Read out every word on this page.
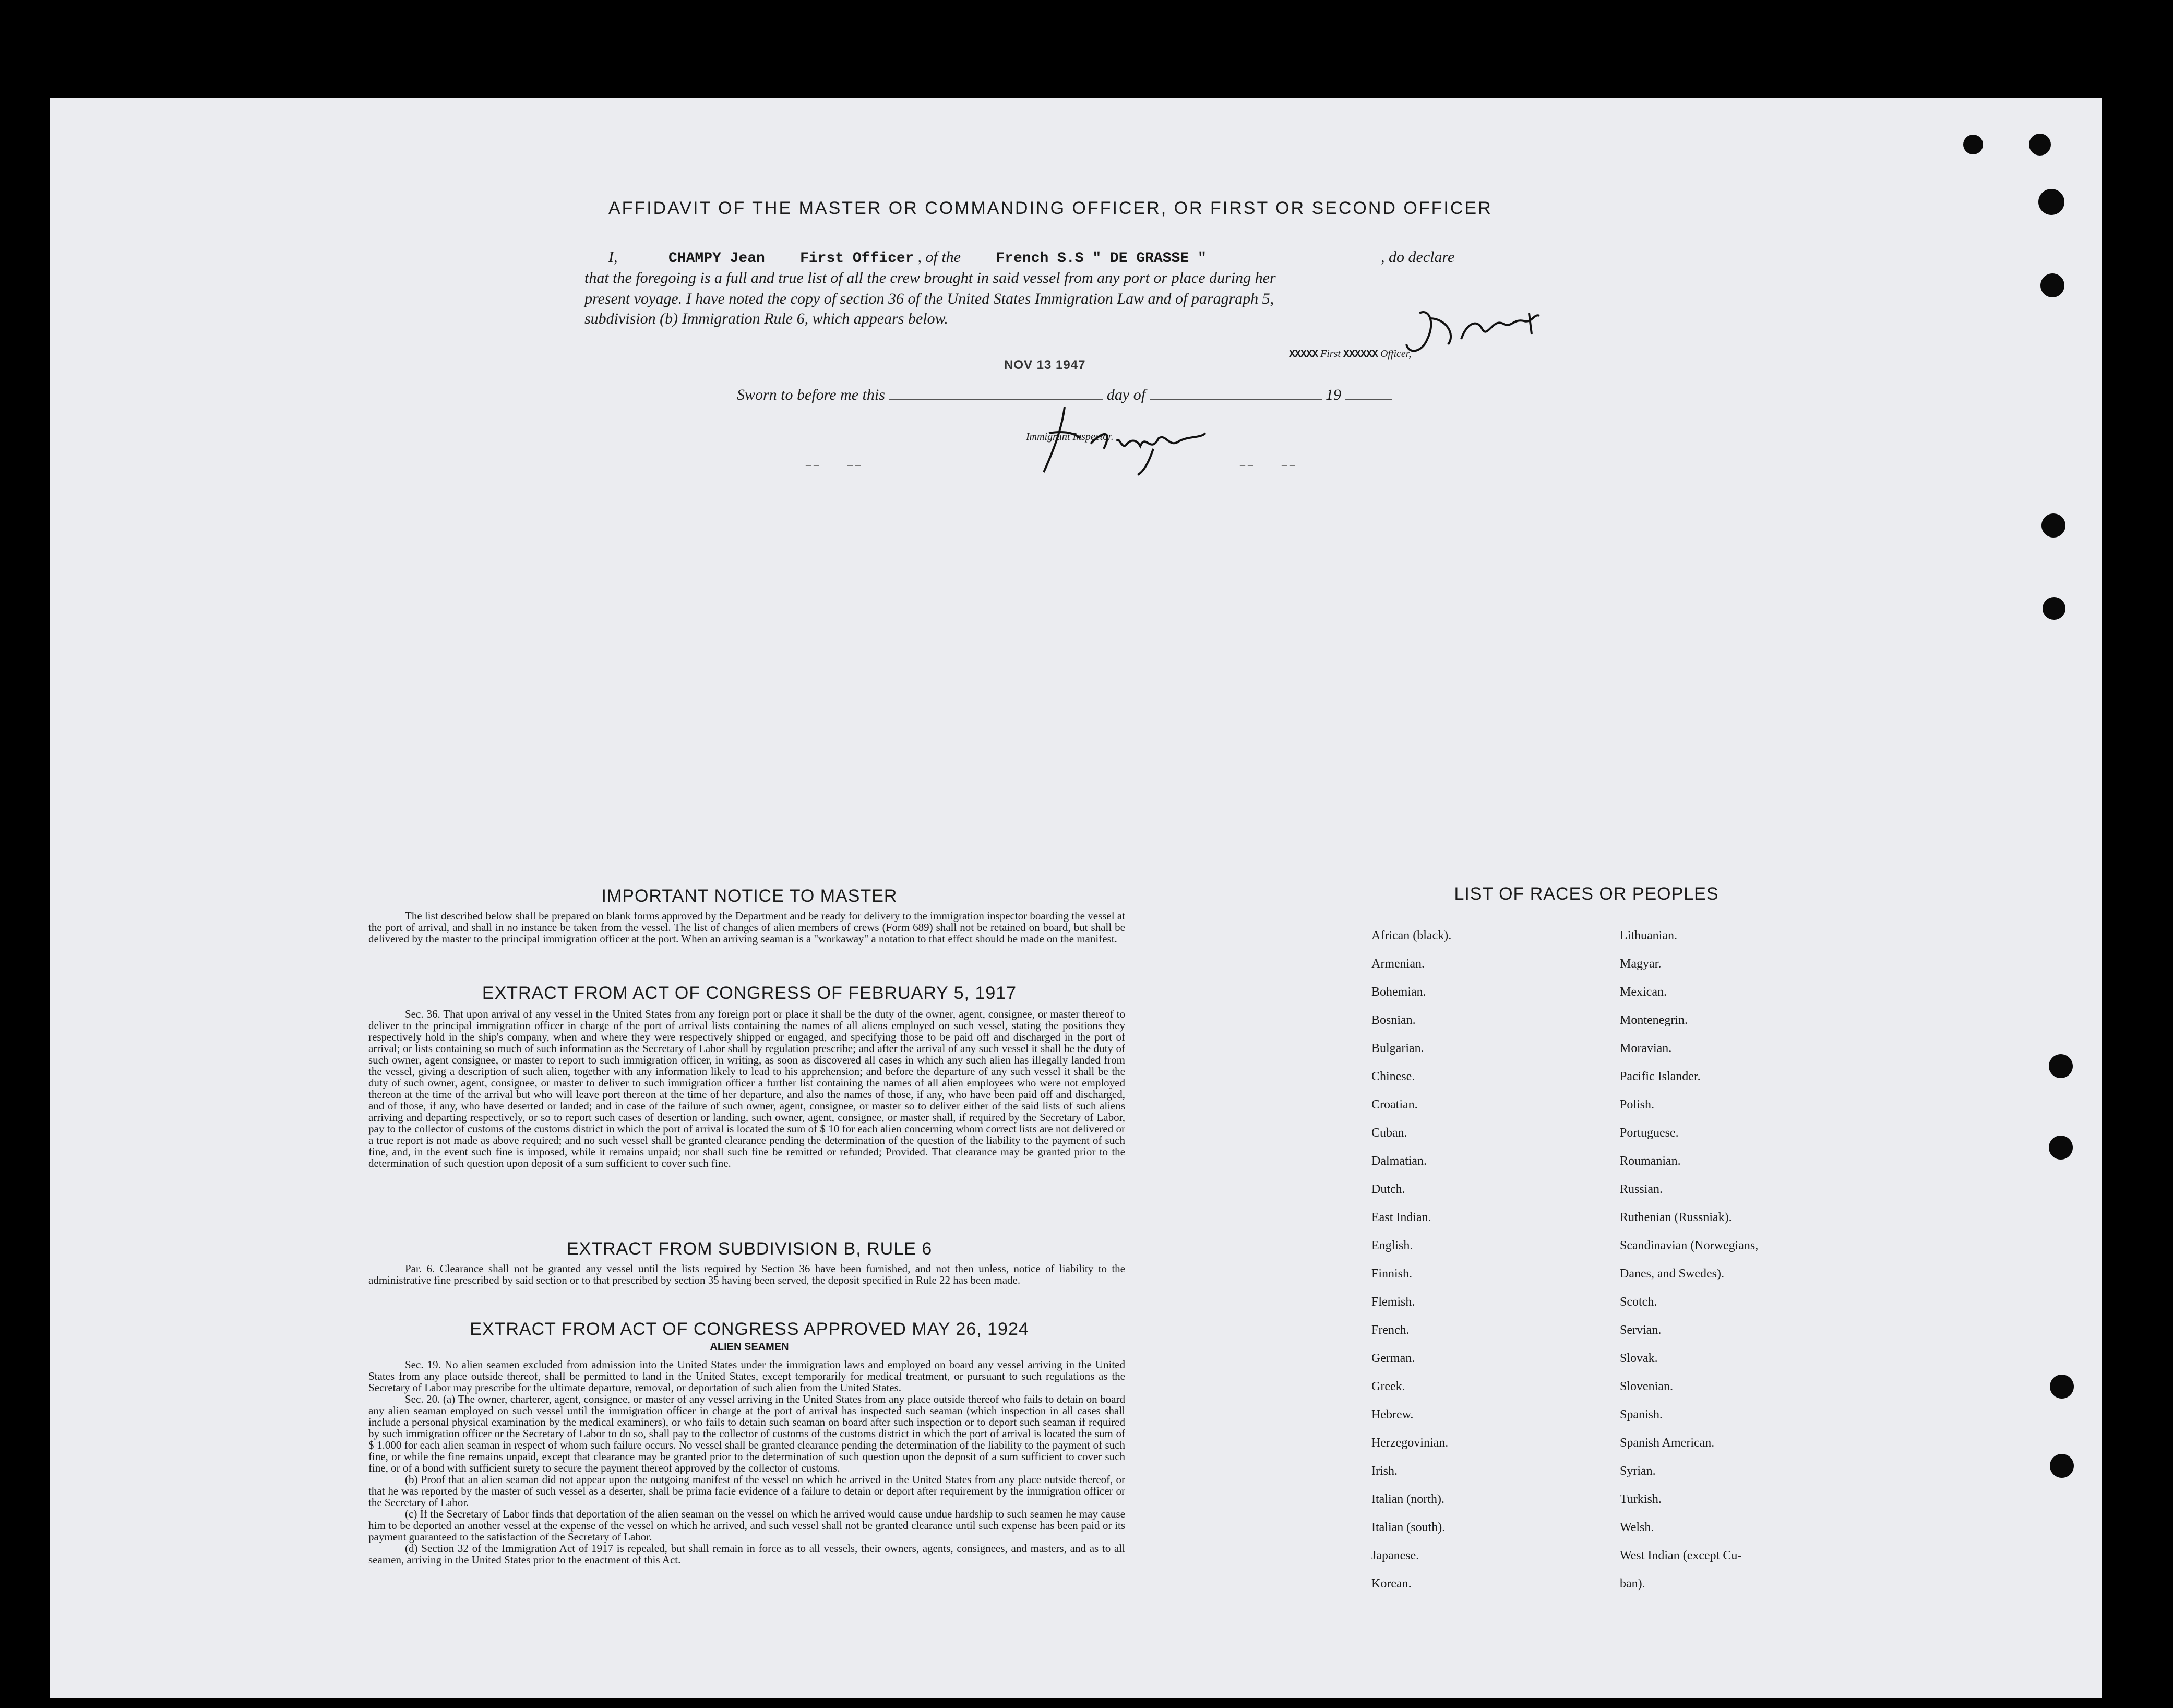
AFFIDAVIT OF THE MASTER OR COMMANDING OFFICER, OR FIRST OR SECOND OFFICER
I,	CHAMPY Jean First Officer , of the French S.S " DE GRASSE "	, do declare
that the foregoing is a full and true list of all the crew brought in said vessel from any port or place during her
present voyage. I have noted the copy of section 36 of the United States Immigration Law and of paragraph 5,
subdivision (b) Immigration Rule 6, which appears below.
XXXXX First XXXXXX Officer,
NOV 13 1947
Sworn to before me this	day of	19
Immigrant Inspector.
– –           – –	– –           – –
– –           – –	– –           – –
IMPORTANT NOTICE TO MASTER
The list described below shall be prepared on blank forms approved by the Department and be ready for delivery to the immigration inspector boarding the vessel at the port of arrival, and shall in no instance be taken from the vessel. The list of changes of alien members of crews (Form 689) shall not be retained on board, but shall be delivered by the master to the principal immigration officer at the port. When an arriving seaman is a "workaway" a notation to that effect should be made on the manifest.
EXTRACT FROM ACT OF CONGRESS OF FEBRUARY 5, 1917
Sec. 36. That upon arrival of any vessel in the United States from any foreign port or place it shall be the duty of the owner, agent, consignee, or master thereof to deliver to the principal immigration officer in charge of the port of arrival lists containing the names of all aliens employed on such vessel, stating the positions they respectively hold in the ship's company, when and where they were respectively shipped or engaged, and specifying those to be paid off and discharged in the port of arrival; or lists containing so much of such information as the Secretary of Labor shall by regulation prescribe; and after the arrival of any such vessel it shall be the duty of such owner, agent consignee, or master to report to such immigration officer, in writing, as soon as discovered all cases in which any such alien has illegally landed from the vessel, giving a description of such alien, together with any information likely to lead to his apprehension; and before the departure of any such vessel it shall be the duty of such owner, agent, consignee, or master to deliver to such immigration officer a further list containing the names of all alien employees who were not employed thereon at the time of the arrival but who will leave port thereon at the time of her departure, and also the names of those, if any, who have been paid off and discharged, and of those, if any, who have deserted or landed; and in case of the failure of such owner, agent, consignee, or master so to deliver either of the said lists of such aliens arriving and departing respectively, or so to report such cases of desertion or landing, such owner, agent, consignee, or master shall, if required by the Secretary of Labor, pay to the collector of customs of the customs district in which the port of arrival is located the sum of $ 10 for each alien concerning whom correct lists are not delivered or a true report is not made as above required; and no such vessel shall be granted clearance pending the determination of the question of the liability to the payment of such fine, and, in the event such fine is imposed, while it remains unpaid; nor shall such fine be remitted or refunded; Provided. That clearance may be granted prior to the determination of such question upon deposit of a sum sufficient to cover such fine.
EXTRACT FROM SUBDIVISION B, RULE 6
Par. 6. Clearance shall not be granted any vessel until the lists required by Section 36 have been furnished, and not then unless, notice of liability to the administrative fine prescribed by said section or to that prescribed by section 35 having been served, the deposit specified in Rule 22 has been made.
EXTRACT FROM ACT OF CONGRESS APPROVED MAY 26, 1924
ALIEN SEAMEN
Sec. 19. No alien seamen excluded from admission into the United States under the immigration laws and employed on board any vessel arriving in the United States from any place outside thereof, shall be permitted to land in the United States, except temporarily for medical treatment, or pursuant to such regulations as the Secretary of Labor may prescribe for the ultimate departure, removal, or deportation of such alien from the United States.
Sec. 20. (a) The owner, charterer, agent, consignee, or master of any vessel arriving in the United States from any place outside thereof who fails to detain on board any alien seaman employed on such vessel until the immigration officer in charge at the port of arrival has inspected such seaman (which inspection in all cases shall include a personal physical examination by the medical examiners), or who fails to detain such seaman on board after such inspection or to deport such seaman if required by such immigration officer or the Secretary of Labor to do so, shall pay to the collector of customs of the customs district in which the port of arrival is located the sum of $ 1.000 for each alien seaman in respect of whom such failure occurs. No vessel shall be granted clearance pending the determination of the liability to the payment of such fine, or while the fine remains unpaid, except that clearance may be granted prior to the determination of such question upon the deposit of a sum sufficient to cover such fine, or of a bond with sufficient surety to secure the payment thereof approved by the collector of customs.
(b) Proof that an alien seaman did not appear upon the outgoing manifest of the vessel on which he arrived in the United States from any place outside thereof, or that he was reported by the master of such vessel as a deserter, shall be prima facie evidence of a failure to detain or deport after requirement by the immigration officer or the Secretary of Labor.
(c) If the Secretary of Labor finds that deportation of the alien seaman on the vessel on which he arrived would cause undue hardship to such seamen he may cause him to be deported an another vessel at the expense of the vessel on which he arrived, and such vessel shall not be granted clearance until such expense has been paid or its payment guaranteed to the satisfaction of the Secretary of Labor.
(d) Section 32 of the Immigration Act of 1917 is repealed, but shall remain in force as to all vessels, their owners, agents, consignees, and masters, and as to all seamen, arriving in the United States prior to the enactment of this Act.
LIST OF RACES OR PEOPLES
African (black).
Armenian.
Bohemian.
Bosnian.
Bulgarian.
Chinese.
Croatian.
Cuban.
Dalmatian.
Dutch.
East Indian.
English.
Finnish.
Flemish.
French.
German.
Greek.
Hebrew.
Herzegovinian.
Irish.
Italian (north).
Italian (south).
Japanese.
Korean.
Lithuanian.
Magyar.
Mexican.
Montenegrin.
Moravian.
Pacific Islander.
Polish.
Portuguese.
Roumanian.
Russian.
Ruthenian (Russniak).
Scandinavian (Norwegians,
Danes, and Swedes).
Scotch.
Servian.
Slovak.
Slovenian.
Spanish.
Spanish American.
Syrian.
Turkish.
Welsh.
West Indian (except Cu-
ban).
